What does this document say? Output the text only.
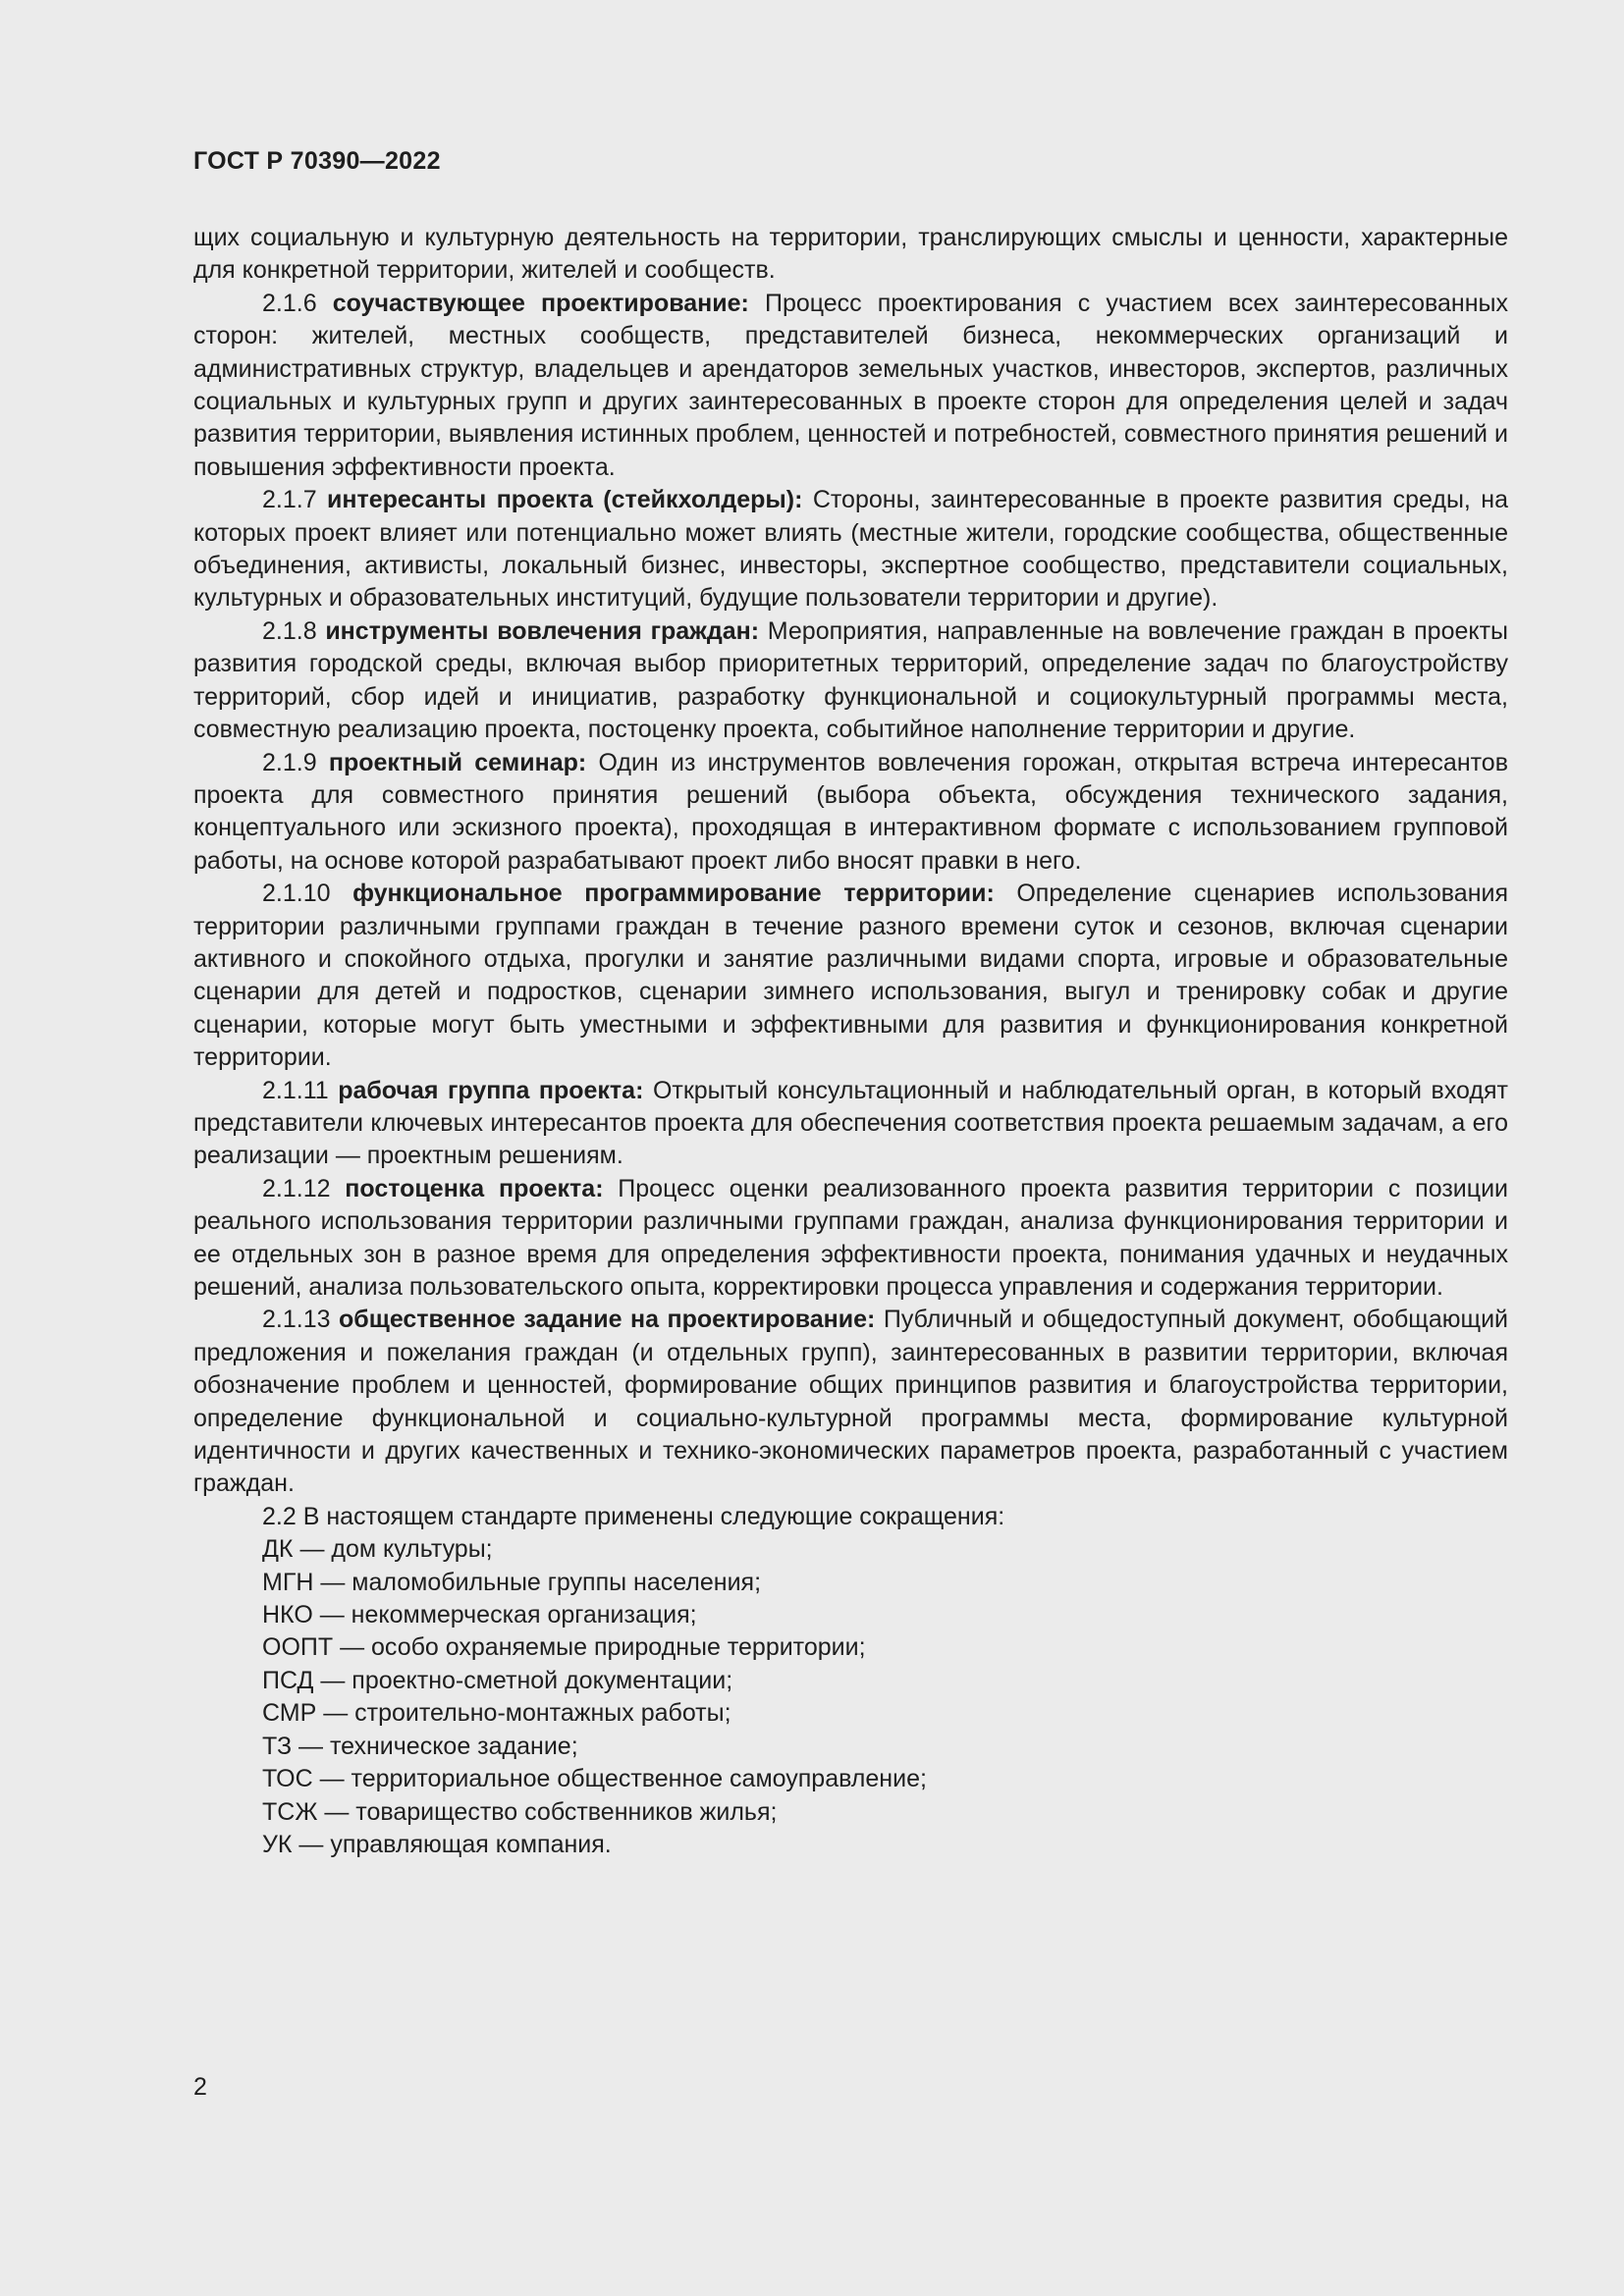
ГОСТ Р 70390—2022

щих социальную и культурную деятельность на территории, транслирующих смыслы и ценности, характерные для конкретной территории, жителей и сообществ.

2.1.6 соучаствующее проектирование: Процесс проектирования с участием всех заинтересованных сторон: жителей, местных сообществ, представителей бизнеса, некоммерческих организаций и административных структур, владельцев и арендаторов земельных участков, инвесторов, экспертов, различных социальных и культурных групп и других заинтересованных в проекте сторон для определения целей и задач развития территории, выявления истинных проблем, ценностей и потребностей, совместного принятия решений и повышения эффективности проекта.

2.1.7 интересанты проекта (стейкхолдеры): Стороны, заинтересованные в проекте развития среды, на которых проект влияет или потенциально может влиять (местные жители, городские сообщества, общественные объединения, активисты, локальный бизнес, инвесторы, экспертное сообщество, представители социальных, культурных и образовательных институций, будущие пользователи территории и другие).

2.1.8 инструменты вовлечения граждан: Мероприятия, направленные на вовлечение граждан в проекты развития городской среды, включая выбор приоритетных территорий, определение задач по благоустройству территорий, сбор идей и инициатив, разработку функциональной и социокультурный программы места, совместную реализацию проекта, постоценку проекта, событийное наполнение территории и другие.

2.1.9 проектный семинар: Один из инструментов вовлечения горожан, открытая встреча интересантов проекта для совместного принятия решений (выбора объекта, обсуждения технического задания, концептуального или эскизного проекта), проходящая в интерактивном формате с использованием групповой работы, на основе которой разрабатывают проект либо вносят правки в него.

2.1.10 функциональное программирование территории: Определение сценариев использования территории различными группами граждан в течение разного времени суток и сезонов, включая сценарии активного и спокойного отдыха, прогулки и занятие различными видами спорта, игровые и образовательные сценарии для детей и подростков, сценарии зимнего использования, выгул и тренировку собак и другие сценарии, которые могут быть уместными и эффективными для развития и функционирования конкретной территории.

2.1.11 рабочая группа проекта: Открытый консультационный и наблюдательный орган, в который входят представители ключевых интересантов проекта для обеспечения соответствия проекта решаемым задачам, а его реализации — проектным решениям.

2.1.12 постоценка проекта: Процесс оценки реализованного проекта развития территории с позиции реального использования территории различными группами граждан, анализа функционирования территории и ее отдельных зон в разное время для определения эффективности проекта, понимания удачных и неудачных решений, анализа пользовательского опыта, корректировки процесса управления и содержания территории.

2.1.13 общественное задание на проектирование: Публичный и общедоступный документ, обобщающий предложения и пожелания граждан (и отдельных групп), заинтересованных в развитии территории, включая обозначение проблем и ценностей, формирование общих принципов развития и благоустройства территории, определение функциональной и социально-культурной программы места, формирование культурной идентичности и других качественных и технико-экономических параметров проекта, разработанный с участием граждан.

2.2 В настоящем стандарте применены следующие сокращения:

ДК — дом культуры;

МГН — маломобильные группы населения;

НКО — некоммерческая организация;

ООПТ — особо охраняемые природные территории;

ПСД — проектно-сметной документации;

СМР — строительно-монтажных работы;

ТЗ — техническое задание;

ТОС — территориальное общественное самоуправление;

ТСЖ — товарищество собственников жилья;

УК — управляющая компания.

2
